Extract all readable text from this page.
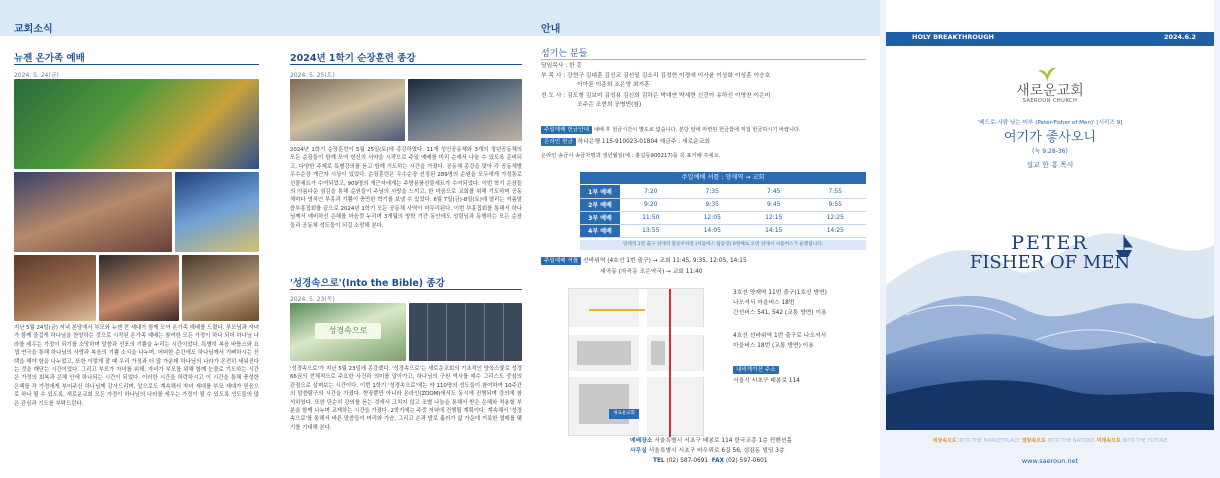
교회소식
뉴젠 온가족 예배
2024. 5. 24(금)
지난 5월 24일(금) 저녁 본당에서 부모와 뉴젠 전 세대가 함께 모여 온가족 예배를 드렸다. 부모님과 자녀가 함께 즐겁게 하나님을 찬양하는 것으로 시작된 온가족 예배는 참여한 모든 가정이 하나 되어 하나님 나라를 세우는 가정이 되기를 소망하며 말씀과 선포의 기쁨을 누리는 시간이었다. 특별히 복음 바틀스와 요셉 연극을 통해 하나님의 사랑과 복음의 기쁨 소식을 나누며, 어떠한 순간에도 하나님께서 기뻐하시는 선택을 해야 함을 나누었고, 또한 이렇게 잘 때 우리 가정과 더 많 가운데 하나님의 나라가 온전히 세워진다는 것을 깨닫는 시간이었다. 그리고 부모가 자녀를 위해, 자녀가 부모를 위해 함께 눈물로 기도하는 시간은 가정의 회복과 은혜 안에 하나되는 시간이 되었다. 이러한 시간을 허락하시고 이 시간을 통해 풍성한 은혜를 각 가정에게 부어주신 하나님께 감사드리며, 앞으로도 계속해서 자녀 세대를 부모 세대가 믿음으로 하나 될 수 있도록, 새로운교회 모든 가정이 하나님의 나라를 세우는 가정이 될 수 있도록 성도들의 많은 관심과 기도를 부탁드린다.
2024년 1학기 순장훈련 종강
2024. 5. 25(토)
2024년 1학기 순장훈련이 5월 25일(토)에 종강하였다. 11개 성인공동체와 3개의 청년공동체의 모든 순장들이 함께 모여 헌신의 서약을 시작으로 주일 예배를 미리 순예서 나눌 수 있도록 준비되고, 다양한 주제로 특별강의를 듣고 함께 기도하는 시간을 가졌다. 공동체 종강을 맞아 각 공동체별 우수순장 개근자 시상이 있었다. 순장훈련은 우수순장 선정된 289명의 순원을 모두에게 가정통로선물세트가 수여되었고, 909명의 개근자에게는 주방용품선물세트가 수여되었다. 이번 학기 순장들의 아름다운 섬김을 통해 순원들이 주님의 사랑을 느끼고, 한 마음으로 교회를 위해 기도하며 공동체마다 영적인 부흥과 기쁨이 충만한 학기를 보낼 수 있었다. 6월 7일(금)-8일(토)에 열리는 여름말씀부흥집회를 끝으로 2024년 1학기 모든 공동체 사역이 마무리된다. 이번 부흥집회를 통해서 하나님께서 예비하신 은혜를 마음껏 누리며 3개월의 방학 기간 동안에도 성령님과 동행하는 모든 순장들과 공동체 성도들이 되길 소망해 본다.
'성경속으로'(Into the Bible) 종강
2024. 5. 23(목)
성경속으로
'성경속으로'가 지난 5월 23일에 종강했다. '성경속으로'는 새로운교회의 기초적인 양육스쿨로 성경 66권의 전체적으로 주요한 사건과 의미를 알아가고, 하나님의 구원 역사를 예수 그리스도 중심의 관점으로 살펴보는 시간이다. 이번 1학기 '성경속으로'에는 약 110명의 성도들이 참여하여 10주간의 말씀탐구의 시간을 가졌다. 현장뿐만 아니라 온라인(ZOOM)에서도 동시에 진행되며 강의에 참석하였다. 또한 단순히 강의를 듣는 것에서 그치지 않고 조별 나눔을 통해서 받은 은혜와 적용할 부분을 함께 나누며 교제하는 시간을 가졌다. 2학기에는 주중 저녁에 진행될 계획이다. 계속해서 '성경속으로'를 통해서 바른 말씀들이 머리와 가슴, 그리고 손과 발로 흘러가 삶 가운데 거룩한 열매를 맺기를 기대해 본다.
안내
섬기는 분들
담임목사 : 한 홍
부 목 사 : 강현구 김대훈 김선교 김선일 김소리 김정현 이경애 이사윤 이상화 이성훈 이승호
이아론 이준희 조은영 최지훈
전 도 사 : 김도형 김보미 김성용 김신희 김하은 박대연 박세현 신건아 유하선 이영찬 이은미
조주은 조현희 공병빈(참)
주일예배 헌금안내 예배 후 헌금시간이 별도로 없습니다. 본당 앞에 마련된 헌금함에 직접 헌금하시기 바랍니다.
온라인 헌금 하나은행 115-910023-01804 예금주 : 새로운교회
온라인 송금시 송금자명과 생년월일(예 : 홍길동900217)를 꼭 표기해 주세요.
주일예배 셔틀 : 양재역 → 교회
1부 예배	7:20	7:35	7:45	7:55
2부 예배	9:20	9:35	9:45	9:55
3부 예배	11:50	12:05	12:15	12:25
4부 예배	13:55	14:05	14:15	14:25
양재역 1번 출구 양재역 환승주차장 (셔틀버스 탑승장) 8번째로 오면 양재시 셔틀버스가 운행됩니다.
주일예배 셔틀 선바위역 (4호선 1번 출구) → 교회 11:45, 9:35, 12:05, 14:15
세곡동 (자곡동 조은약국) → 교회 11:40
새로운교회
3호선 양재역 11번 출구(1호선 방면)
나오셔서 마을버스 18번
간선버스 541, 542 (교통 방면) 이용
4호선 선바위역 1번 출구로 나오셔서
마을버스 18번 (교통 방면) 이용
내비게이션 주소
서울시 서초구 태봉로 114
예배장소 서울특별시 서초구 태봉로 114 한국교총 1층 컨벤션홀
사무실 서울특별시 서초구 바우뫼로 6길 56, 섬김동 빌딩 3층
TEL (02) 587-0691 FAX (02) 597-0601
HOLY BREAKTHROUGH	2024.6.2
새로운교회
SAEROUN CHURCH
'베드로-사람 낚는 어부 (Peter-Fisher of Men)' [시리즈 9]
여기가 좋사오니
(눅 9:28-36)
설교 한 홍 목사
PETER
FISHER OF MEN
세상속으로 INTO THE MARKETPLACE 열방속으로 INTO THE NATIONS 미래속으로 INTO THE FUTURE
www.saeroun.net
